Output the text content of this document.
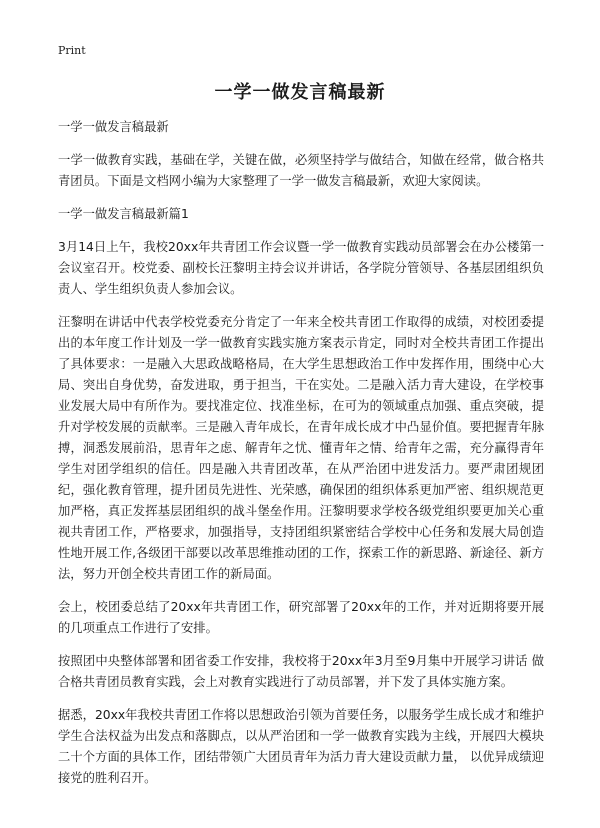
Print
一学一做发言稿最新

一学一做发言稿最新

一学一做教育实践，基础在学，关键在做，必须坚持学与做结合，知做在经常，做合格共青团员。下面是文档网小编为大家整理了一学一做发言稿最新，欢迎大家阅读。

一学一做发言稿最新篇1

3月14日上午，我校20xx年共青团工作会议暨一学一做教育实践动员部署会在办公楼第一会议室召开。校党委、副校长汪黎明主持会议并讲话，各学院分管领导、各基层团组织负责人、学生组织负责人参加会议。

汪黎明在讲话中代表学校党委充分肯定了一年来全校共青团工作取得的成绩，对校团委提出的本年度工作计划及一学一做教育实践实施方案表示肯定，同时对全校共青团工作提出了具体要求：一是融入大思政战略格局，在大学生思想政治工作中发挥作用，围绕中心大局、突出自身优势，奋发进取，勇于担当，干在实处。二是融入活力青大建设，在学校事业发展大局中有所作为。要找准定位、找准坐标，在可为的领域重点加强、重点突破，提升对学校发展的贡献率。三是融入青年成长，在青年成长成才中凸显价值。要把握青年脉搏，洞悉发展前沿，思青年之虑、解青年之忧、懂青年之情、给青年之需，充分赢得青年学生对团学组织的信任。四是融入共青团改革，在从严治团中进发活力。要严肃团规团纪，强化教育管理，提升团员先进性、光荣感，确保团的组织体系更加严密、组织规范更加严格，真正发挥基层团组织的战斗堡垒作用。汪黎明要求学校各级党组织要更加关心重视共青团工作，严格要求，加强指导，支持团组织紧密结合学校中心任务和发展大局创造性地开展工作,各级团干部要以改革思维推动团的工作，探索工作的新思路、新途径、新方法，努力开创全校共青团工作的新局面。

会上，校团委总结了20xx年共青团工作，研究部署了20xx年的工作，并对近期将要开展的几项重点工作进行了安排。

按照团中央整体部署和团省委工作安排，我校将于20xx年3月至9月集中开展学习讲话 做合格共青团员教育实践，会上对教育实践进行了动员部署，并下发了具体实施方案。

据悉，20xx年我校共青团工作将以思想政治引领为首要任务，以服务学生成长成才和维护学生合法权益为出发点和落脚点，以从严治团和一学一做教育实践为主线，开展四大模块二十个方面的具体工作，团结带领广大团员青年为活力青大建设贡献力量， 以优异成绩迎接党的胜利召开。
